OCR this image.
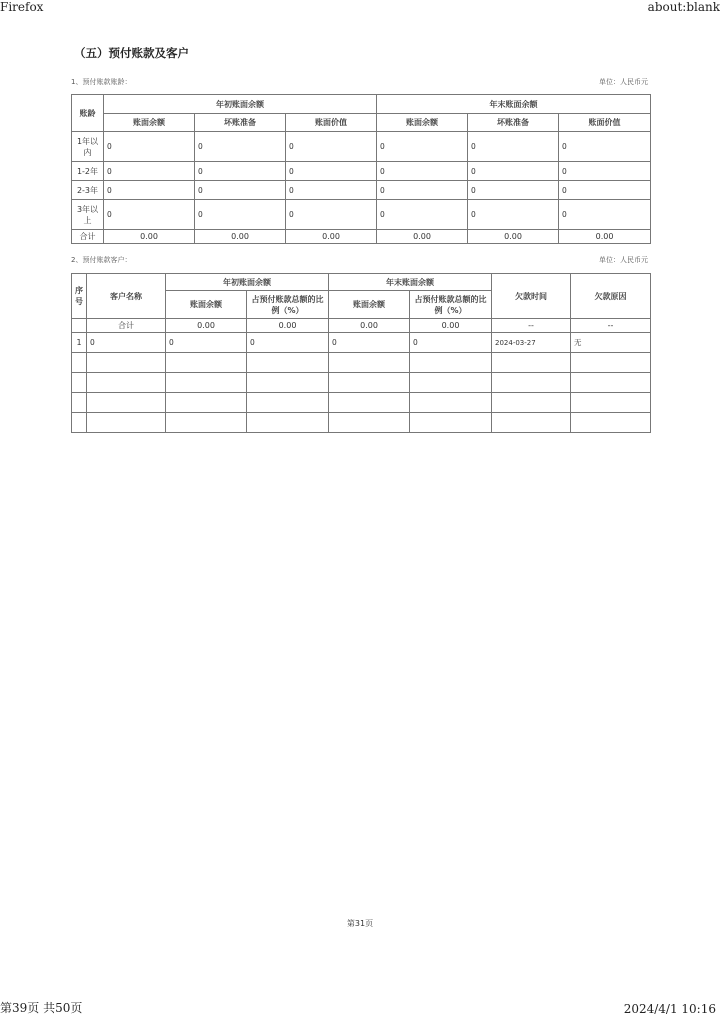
Firefox	about:blank
（五）预付账款及客户
1、预付账款账龄：	单位：人民币元
账龄	年初账面余额			年末账面余额		
	账面余额	坏账准备	账面价值	账面余额	坏账准备	账面价值
1年以内	0	0	0	0	0	0
1-2年	0	0	0	0	0	0
2-3年	0	0	0	0	0	0
3年以上	0	0	0	0	0	0
合计	0.00	0.00	0.00	0.00	0.00	0.00
2、预付账款客户：	单位：人民币元
序号	客户名称	年初账面余额		年末账面余额		欠款时间	欠款原因
		账面余额	占预付账款总额的比例（%）	账面余额	占预付账款总额的比例（%）		
	合计	0.00	0.00	0.00	0.00	--	--
1	0	0	0	0	0	2024-03-27	无

第31页
第39页 共50页	2024/4/1 10:16
